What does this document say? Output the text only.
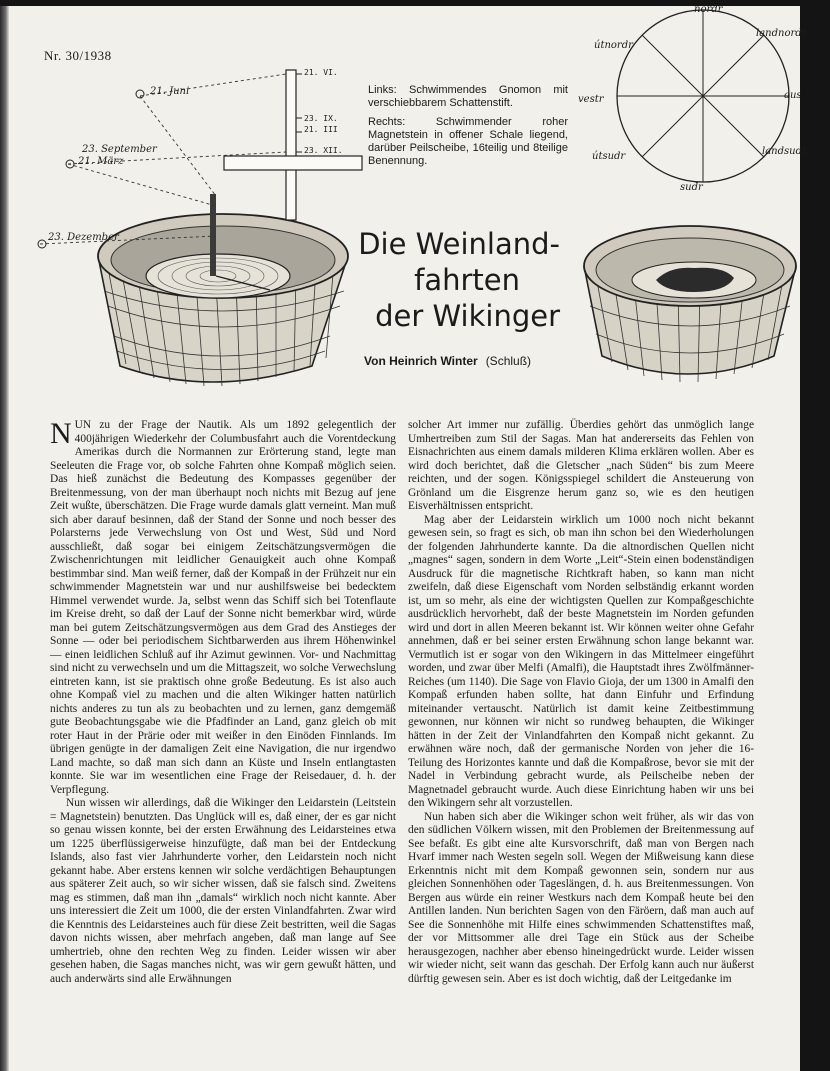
Nr. 30/1938
21. Juni
23. September
21. März
23. Dezember
21. VI.
23. IX.
21. III
23. XII.

Links: Schwimmendes Gnomon mit verschiebbarem Schattenstift.

Rechts: Schwimmender roher Magnetstein in offener Schale liegend, darüber Peilscheibe, 16teilig und 8teilige Benennung.

nordr
útnordr
landnordr
vestr	aus
útsudr	landsudr
sudr
Die Weinland-
fahrten
der Wikinger
Von Heinrich Winter (Schluß)

NUN zu der Frage der Nautik. Als um 1892 gelegentlich der 400jährigen Wiederkehr der Columbusfahrt auch die Vorentdeckung Amerikas durch die Normannen zur Erörterung stand, legte man Seeleuten die Frage vor, ob solche Fahrten ohne Kompaß möglich seien. Das hieß zunächst die Bedeutung des Kompasses gegenüber der Breitenmessung, von der man überhaupt noch nichts mit Bezug auf jene Zeit wußte, überschätzen. Die Frage wurde damals glatt verneint. Man muß sich aber darauf besinnen, daß der Stand der Sonne und noch besser des Polarsterns jede Verwechslung von Ost und West, Süd und Nord ausschließt, daß sogar bei einigem Zeitschätzungsvermögen die Zwischenrichtungen mit leidlicher Genauigkeit auch ohne Kompaß bestimmbar sind. Man weiß ferner, daß der Kompaß in der Frühzeit nur ein schwimmender Magnetstein war und nur aushilfsweise bei bedecktem Himmel verwendet wurde. Ja, selbst wenn das Schiff sich bei Totenflaute im Kreise dreht, so daß der Lauf der Sonne nicht bemerkbar wird, würde man bei gutem Zeitschätzungsvermögen aus dem Grad des Anstieges der Sonne — oder bei periodischem Sichtbarwerden aus ihrem Höhenwinkel — einen leidlichen Schluß auf ihr Azimut gewinnen. Vor- und Nachmittag sind nicht zu verwechseln und um die Mittagszeit, wo solche Verwechslung eintreten kann, ist sie praktisch ohne große Bedeutung. Es ist also auch ohne Kompaß viel zu machen und die alten Wikinger hatten natürlich nichts anderes zu tun als zu beobachten und zu lernen, ganz demgemäß gute Beobachtungsgabe wie die Pfadfinder an Land, ganz gleich ob mit roter Haut in der Prärie oder mit weißer in den Einöden Finnlands. Im übrigen genügte in der damaligen Zeit eine Navigation, die nur irgendwo Land machte, so daß man sich dann an Küste und Inseln entlangtasten konnte. Sie war im wesentlichen eine Frage der Reisedauer, d. h. der Verpflegung.

Nun wissen wir allerdings, daß die Wikinger den Leidarstein (Leitstein = Magnetstein) benutzten. Das Unglück will es, daß einer, der es gar nicht so genau wissen konnte, bei der ersten Erwähnung des Leidarsteines etwa um 1225 überflüssigerweise hinzufügte, daß man bei der Entdeckung Islands, also fast vier Jahrhunderte vorher, den Leidarstein noch nicht gekannt habe. Aber erstens kennen wir solche verdächtigen Behauptungen aus späterer Zeit auch, so wir sicher wissen, daß sie falsch sind. Zweitens mag es stimmen, daß man ihn „damals“ wirklich noch nicht kannte. Aber uns interessiert die Zeit um 1000, die der ersten Vinlandfahrten. Zwar wird die Kenntnis des Leidarsteines auch für diese Zeit bestritten, weil die Sagas davon nichts wissen, aber mehrfach angeben, daß man lange auf See umhertrieb, ohne den rechten Weg zu finden. Leider wissen wir aber gesehen haben, die Sagas manches nicht, was wir gern gewußt hätten, und auch anderwärts sind alle Erwähnungen

solcher Art immer nur zufällig. Überdies gehört das unmöglich lange Umhertreiben zum Stil der Sagas. Man hat andererseits das Fehlen von Eisnachrichten aus einem damals milderen Klima erklären wollen. Aber es wird doch berichtet, daß die Gletscher „nach Süden“ bis zum Meere reichten, und der sogen. Königsspiegel schildert die Ansteuerung von Grönland um die Eisgrenze herum ganz so, wie es den heutigen Eisverhältnissen entspricht.

Mag aber der Leidarstein wirklich um 1000 noch nicht bekannt gewesen sein, so fragt es sich, ob man ihn schon bei den Wiederholungen der folgenden Jahrhunderte kannte. Da die altnordischen Quellen nicht „magnes“ sagen, sondern in dem Worte „Leit“-Stein einen bodenständigen Ausdruck für die magnetische Richtkraft haben, so kann man nicht zweifeln, daß diese Eigenschaft vom Norden selbständig erkannt worden ist, um so mehr, als eine der wichtigsten Quellen zur Kompaßgeschichte ausdrücklich hervorhebt, daß der beste Magnetstein im Norden gefunden wird und dort in allen Meeren bekannt ist. Wir können weiter ohne Gefahr annehmen, daß er bei seiner ersten Erwähnung schon lange bekannt war. Vermutlich ist er sogar von den Wikingern in das Mittelmeer eingeführt worden, und zwar über Melfi (Amalfi), die Hauptstadt ihres Zwölfmänner-Reiches (um 1140). Die Sage von Flavio Gioja, der um 1300 in Amalfi den Kompaß erfunden haben sollte, hat dann Einfuhr und Erfindung miteinander vertauscht. Natürlich ist damit keine Zeitbestimmung gewonnen, nur können wir nicht so rundweg behaupten, die Wikinger hätten in der Zeit der Vinlandfahrten den Kompaß nicht gekannt. Zu erwähnen wäre noch, daß der germanische Norden von jeher die 16-Teilung des Horizontes kannte und daß die Kompaßrose, bevor sie mit der Nadel in Verbindung gebracht wurde, als Peilscheibe neben der Magnetnadel gebraucht wurde. Auch diese Einrichtung haben wir uns bei den Wikingern sehr alt vorzustellen.

Nun haben sich aber die Wikinger schon weit früher, als wir das von den südlichen Völkern wissen, mit den Problemen der Breitenmessung auf See befaßt. Es gibt eine alte Kursvorschrift, daß man von Bergen nach Hvarf immer nach Westen segeln soll. Wegen der Mißweisung kann diese Erkenntnis nicht mit dem Kompaß gewonnen sein, sondern nur aus gleichen Sonnenhöhen oder Tageslängen, d. h. aus Breitenmessungen. Von Bergen aus würde ein reiner Westkurs nach dem Kompaß heute bei den Antillen landen. Nun berichten Sagen von den Färöern, daß man auch auf See die Sonnenhöhe mit Hilfe eines schwimmenden Schattenstiftes maß, der vor Mittsommer alle drei Tage ein Stück aus der Scheibe herausgezogen, nachher aber ebenso hineingedrückt wurde. Leider wissen wir wieder nicht, seit wann das geschah. Der Erfolg kann auch nur äußerst dürftig gewesen sein. Aber es ist doch wichtig, daß der Leitgedanke im
